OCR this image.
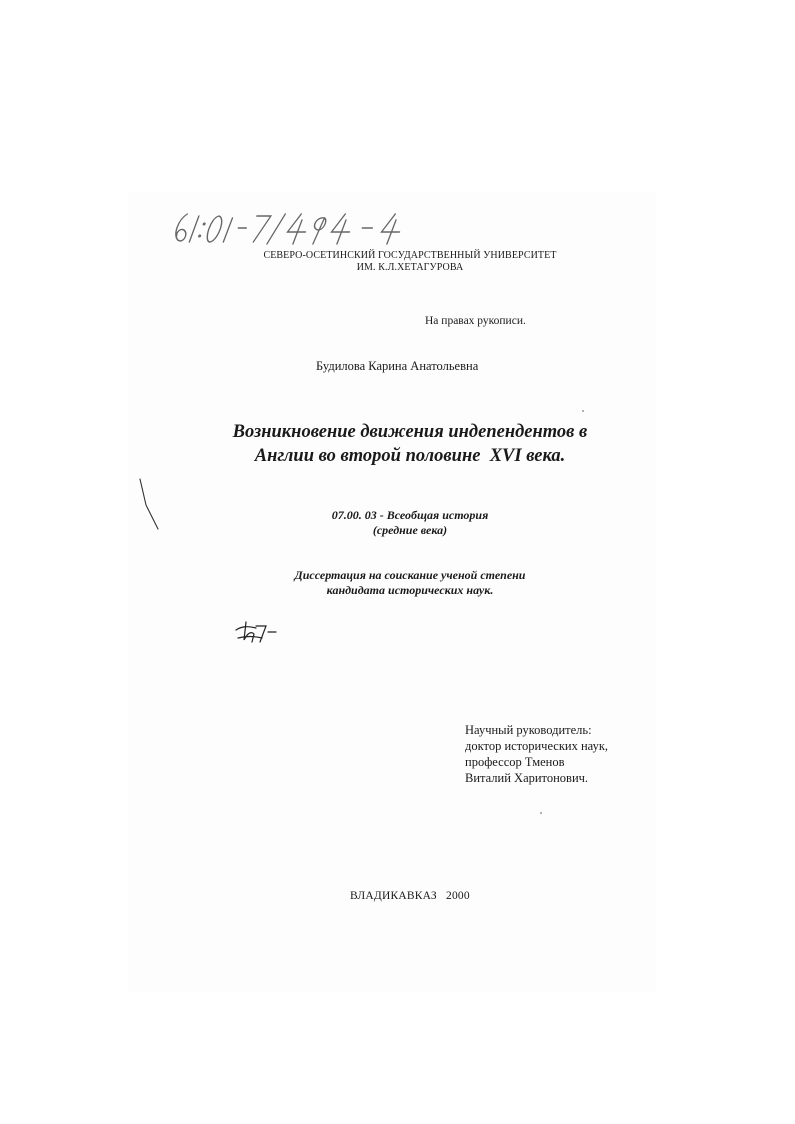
СЕВЕРО-ОСЕТИНСКИЙ ГОСУДАРСТВЕННЫЙ УНИВЕРСИТЕТ
ИМ. К.Л.ХЕТАГУРОВА
На правах рукописи.
Будилова Карина Анатольевна
Возникновение движения индепендентов в
Англии во второй половине  XVI века.
07.00. 03 - Всеобщая история
(средние века)
Диссертация на соискание ученой степени
кандидата исторических наук.
Научный руководитель:
доктор исторических наук,
профессор Тменов
Виталий Харитонович.
ВЛАДИКАВКАЗ   2000
